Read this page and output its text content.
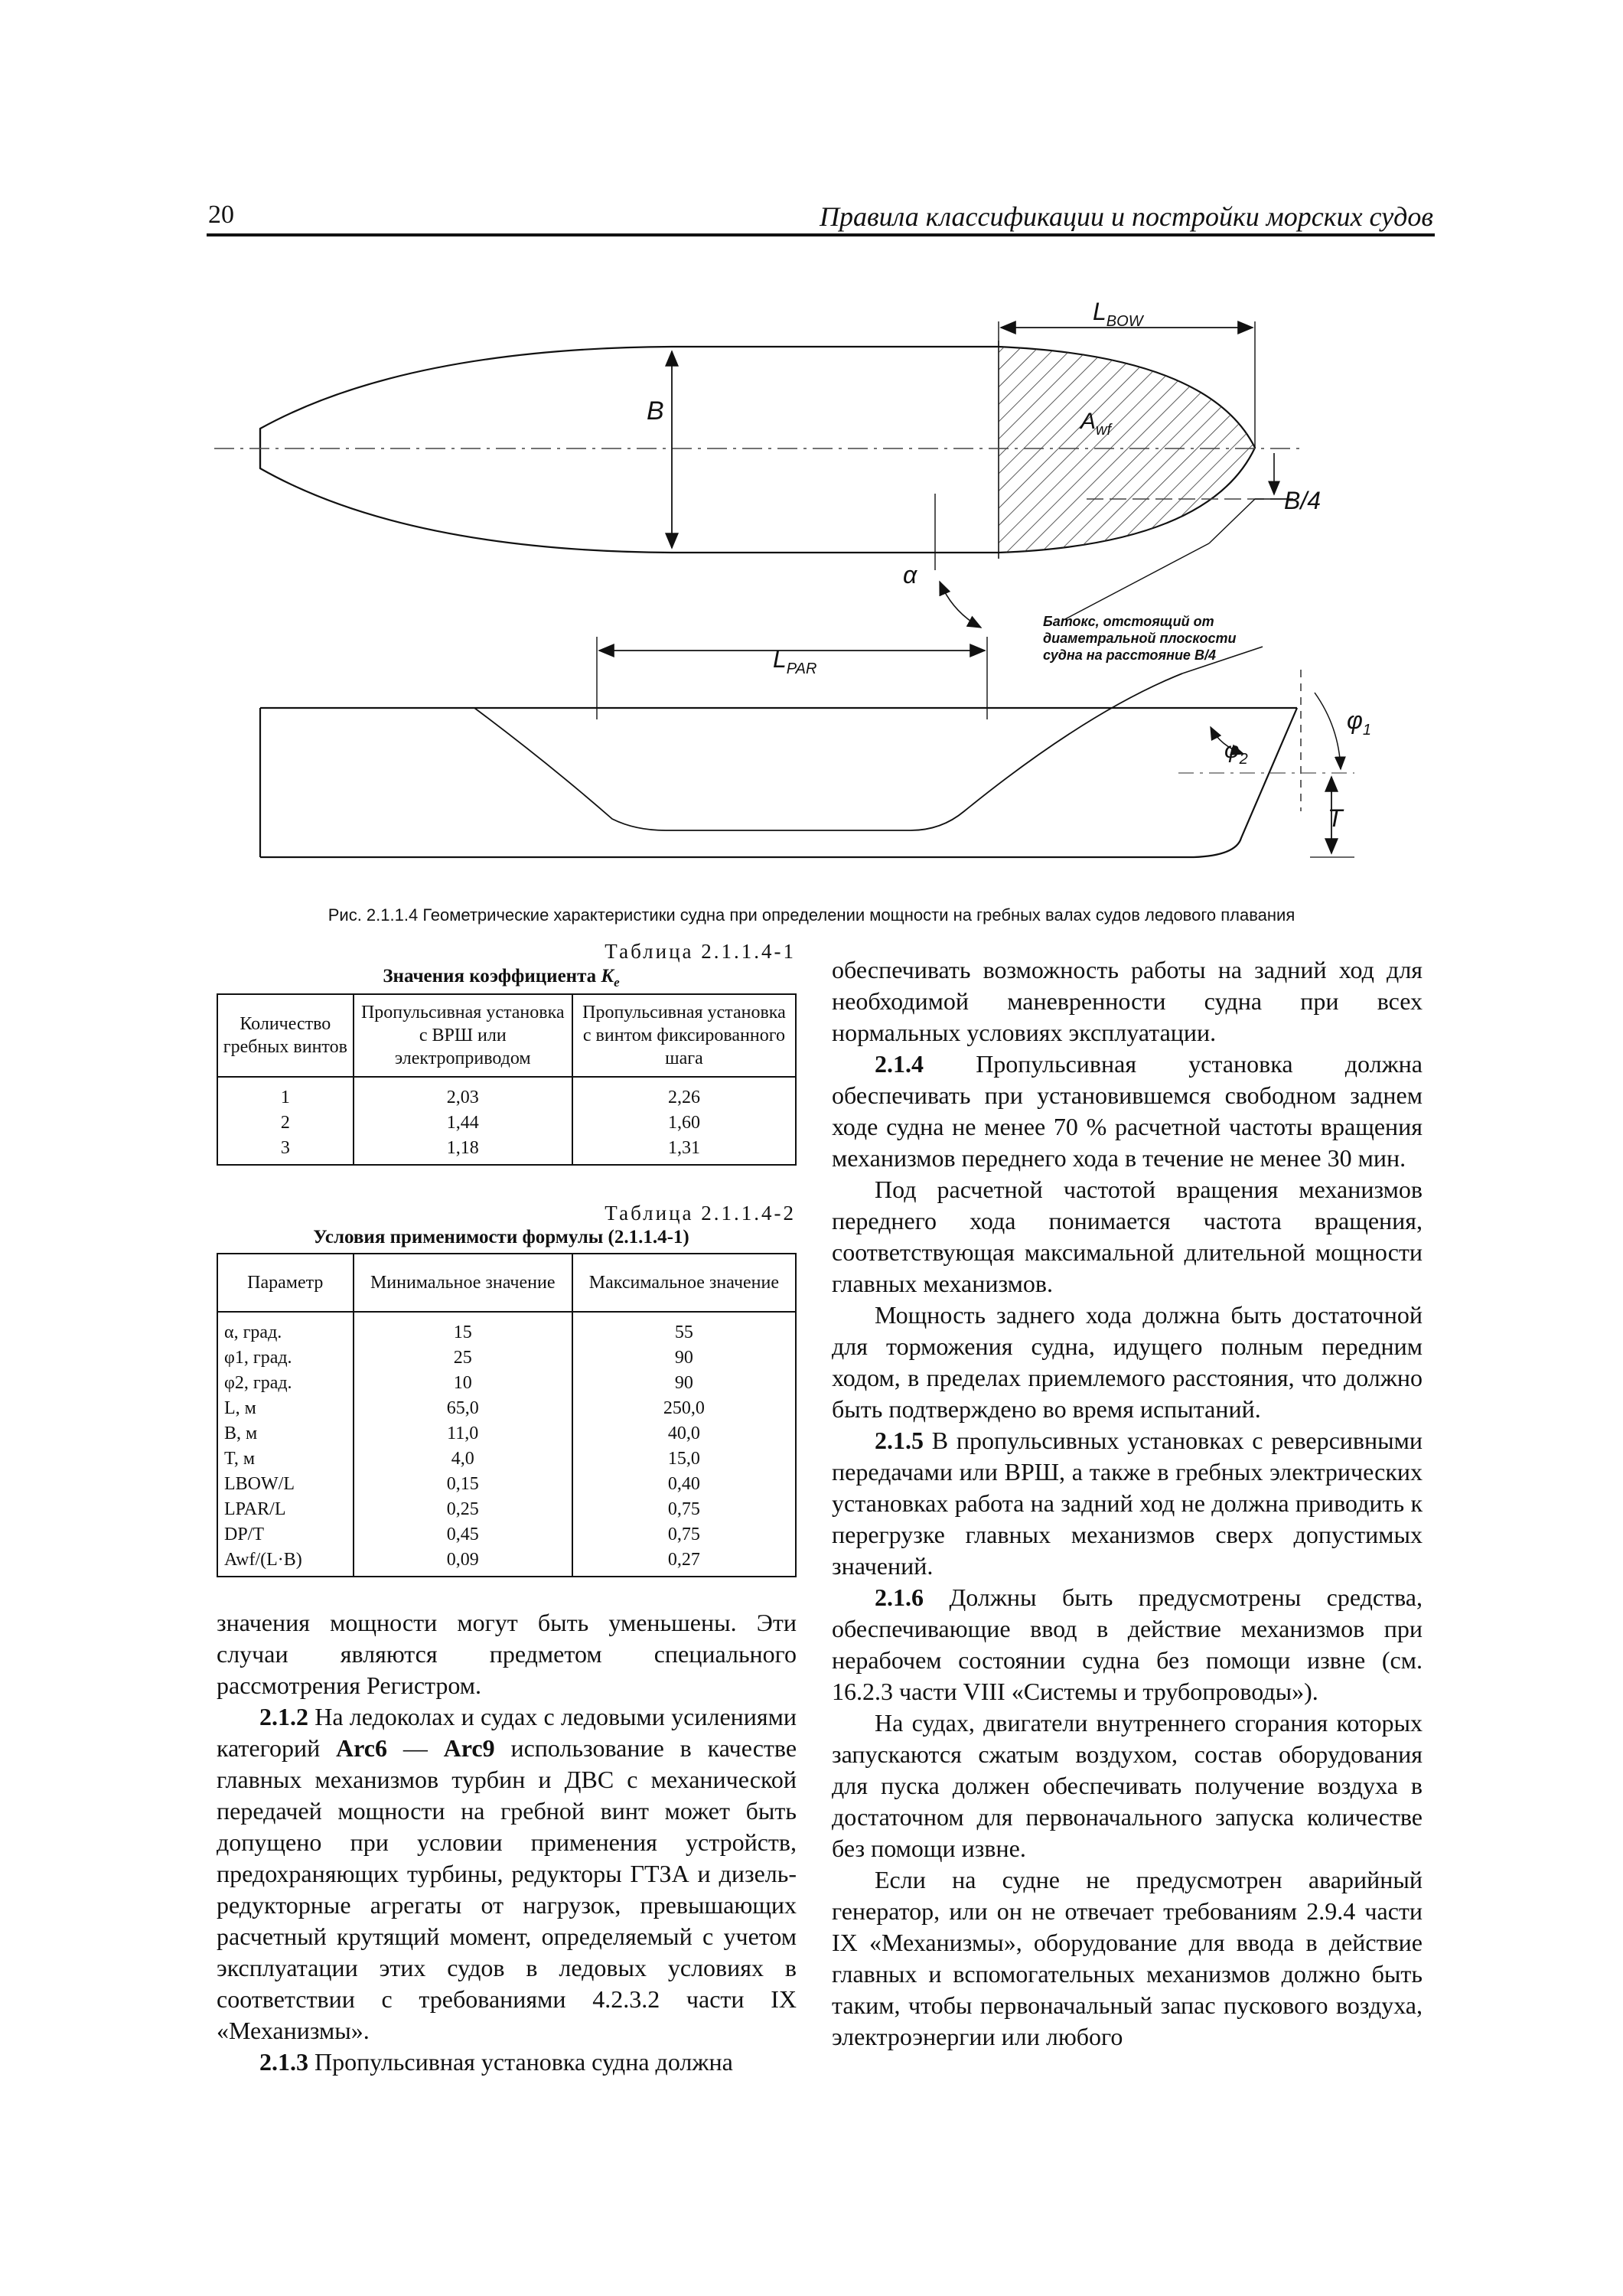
20	Правила классификации и постройки морских судов
$L_{BOW}$
B	$A_{wf}$
B/4
α
$L_{PAR}$
Батокс, отстоящий от
диаметральной плоскости
судна на расстояние B/4
$\varphi_1$
$\varphi_2$
T
Рис. 2.1.1.4 Геометрические характеристики судна при определении мощности на гребных валах судов ледового плавания
Таблица 2.1.1.4-1
Значения коэффициента $K_e$
Количество гребных винтов	Пропульсивная установка с ВРШ или электроприводом	Пропульсивная установка с винтом фиксированного шага
1	2,03	2,26
2	1,44	1,60
3	1,18	1,31
Таблица 2.1.1.4-2
Условия применимости формулы (2.1.1.4-1)
Параметр	Минимальное значение	Максимальное значение
α, град.	15	55
φ1, град.	25	90
φ2, град.	10	90
L, м	65,0	250,0
B, м	11,0	40,0
T, м	4,0	15,0
LBOW/L	0,15	0,40
LPAR/L	0,25	0,75
DP/T	0,45	0,75
Awf/(L·B)	0,09	0,27

значения мощности могут быть уменьшены. Эти случаи являются предметом специального рассмотрения Регистром.

2.1.2 На ледоколах и судах с ледовыми усилениями категорий Arc6 — Arc9 использование в качестве главных механизмов турбин и ДВС с механической передачей мощности на гребной винт может быть допущено при условии применения устройств, предохраняющих турбины, редукторы ГТЗА и дизель-редукторные агрегаты от нагрузок, превышающих расчетный крутящий момент, определяемый с учетом эксплуатации этих судов в ледовых условиях в соответствии с требованиями 4.2.3.2 части IX «Механизмы».

2.1.3 Пропульсивная установка судна должна

обеспечивать возможность работы на задний ход для необходимой маневренности судна при всех нормальных условиях эксплуатации.

2.1.4 Пропульсивная установка должна обеспечивать при установившемся свободном заднем ходе судна не менее 70 % расчетной частоты вращения механизмов переднего хода в течение не менее 30 мин.

Под расчетной частотой вращения механизмов переднего хода понимается частота вращения, соответствующая максимальной длительной мощности главных механизмов.

Мощность заднего хода должна быть достаточной для торможения судна, идущего полным передним ходом, в пределах приемлемого расстояния, что должно быть подтверждено во время испытаний.

2.1.5 В пропульсивных установках с реверсивными передачами или ВРШ, а также в гребных электрических установках работа на задний ход не должна приводить к перегрузке главных механизмов сверх допустимых значений.

2.1.6 Должны быть предусмотрены средства, обеспечивающие ввод в действие механизмов при нерабочем состоянии судна без помощи извне (см. 16.2.3 части VIII «Системы и трубопроводы»).

На судах, двигатели внутреннего сгорания которых запускаются сжатым воздухом, состав оборудования для пуска должен обеспечивать получение воздуха в достаточном для первоначального запуска количестве без помощи извне.

Если на судне не предусмотрен аварийный генератор, или он не отвечает требованиям 2.9.4 части IX «Механизмы», оборудование для ввода в действие главных и вспомогательных механизмов должно быть таким, чтобы первоначальный запас пускового воздуха, электроэнергии или любого
